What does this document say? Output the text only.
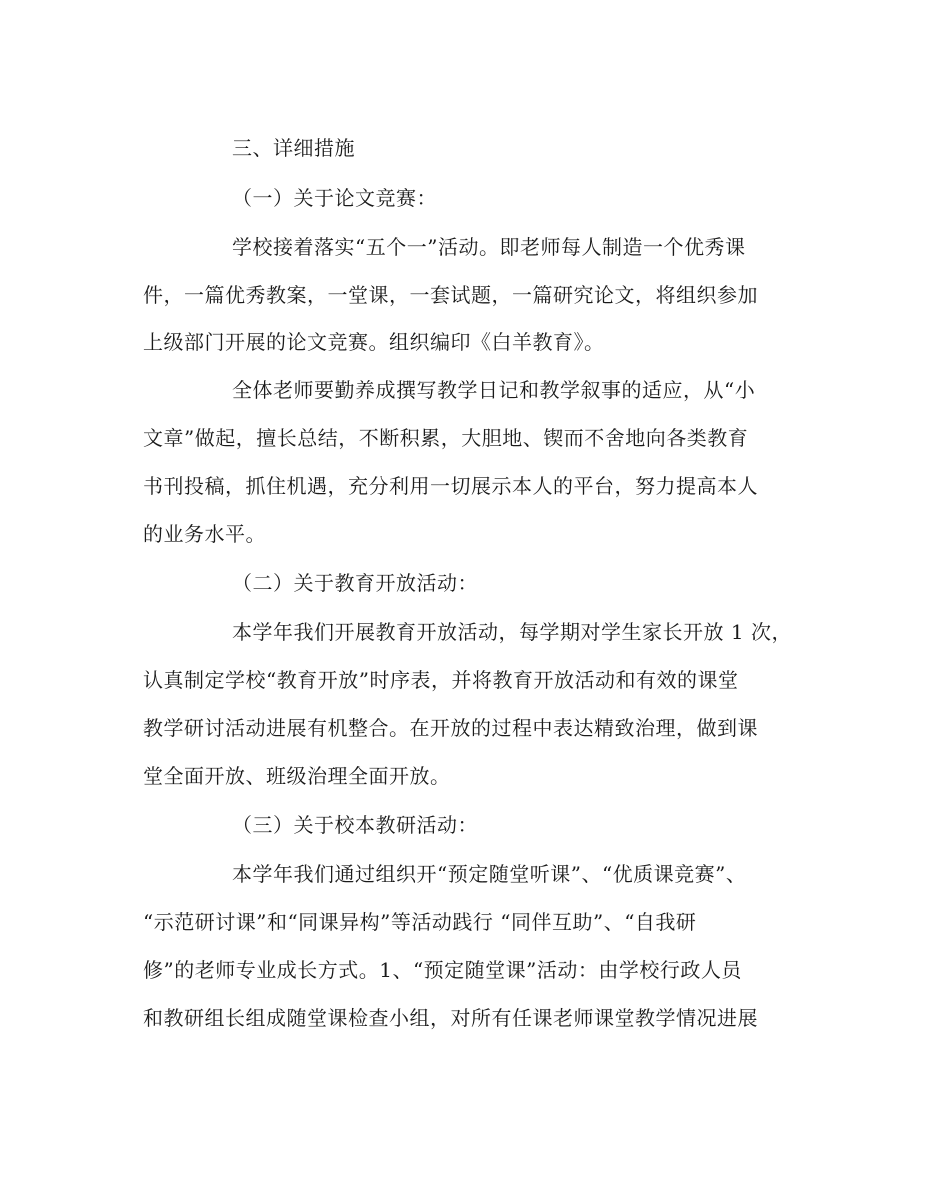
三、详细措施
（一）关于论文竞赛：
学校接着落实“五个一”活动。即老师每人制造一个优秀课
件，一篇优秀教案，一堂课，一套试题，一篇研究论文，将组织参加
上级部门开展的论文竞赛。组织编印《白羊教育》。
全体老师要勤养成撰写教学日记和教学叙事的适应，从“小
文章”做起，擅长总结，不断积累，大胆地、锲而不舍地向各类教育
书刊投稿，抓住机遇，充分利用一切展示本人的平台，努力提高本人
的业务水平。
（二）关于教育开放活动：
本学年我们开展教育开放活动，每学期对学生家长开放 1 次，
认真制定学校“教育开放”时序表，并将教育开放活动和有效的课堂
教学研讨活动进展有机整合。在开放的过程中表达精致治理，做到课
堂全面开放、班级治理全面开放。
（三）关于校本教研活动：
本学年我们通过组织开“预定随堂听课”、“优质课竞赛”、
“示范研讨课”和“同课异构”等活动践行 “同伴互助”、“自我研
修”的老师专业成长方式。1、“预定随堂课”活动：由学校行政人员
和教研组长组成随堂课检查小组，对所有任课老师课堂教学情况进展
